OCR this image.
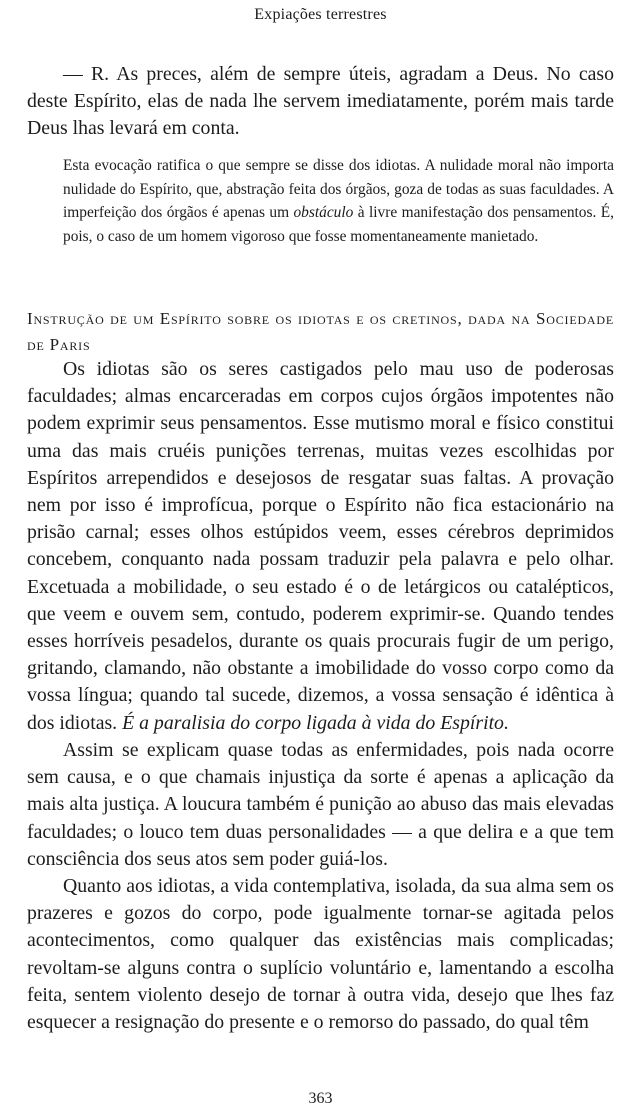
Expiações terrestres

— R. As preces, além de sempre úteis, agradam a Deus. No caso deste Espírito, elas de nada lhe servem imediatamente, porém mais tarde Deus lhas levará em conta.

Esta evocação ratifica o que sempre se disse dos idiotas. A nulidade moral não importa nulidade do Espírito, que, abstração feita dos órgãos, goza de todas as suas faculdades. A imperfeição dos órgãos é apenas um obstáculo à livre manifestação dos pensamentos. É, pois, o caso de um homem vigoroso que fosse momentaneamente manietado.

Instrução de um Espírito sobre os idiotas e os cretinos, dada na Sociedade de Paris

Os idiotas são os seres castigados pelo mau uso de poderosas faculdades; almas encarceradas em corpos cujos órgãos impotentes não podem exprimir seus pensamentos. Esse mutismo moral e físico constitui uma das mais cruéis punições terrenas, muitas vezes escolhidas por Espíritos arrependidos e desejosos de resgatar suas faltas. A provação nem por isso é improfícua, porque o Espírito não fica estacionário na prisão carnal; esses olhos estúpidos veem, esses cérebros deprimidos concebem, conquanto nada possam traduzir pela palavra e pelo olhar. Excetuada a mobilidade, o seu estado é o de letárgicos ou catalépticos, que veem e ouvem sem, contudo, poderem exprimir-se. Quando tendes esses horríveis pesadelos, durante os quais procurais fugir de um perigo, gritando, clamando, não obstante a imobilidade do vosso corpo como da vossa língua; quando tal sucede, dizemos, a vossa sensação é idêntica à dos idiotas. É a paralisia do corpo ligada à vida do Espírito.

Assim se explicam quase todas as enfermidades, pois nada ocorre sem causa, e o que chamais injustiça da sorte é apenas a aplicação da mais alta justiça. A loucura também é punição ao abuso das mais elevadas faculdades; o louco tem duas personalidades — a que delira e a que tem consciência dos seus atos sem poder guiá-los.

Quanto aos idiotas, a vida contemplativa, isolada, da sua alma sem os prazeres e gozos do corpo, pode igualmente tornar-se agitada pelos acontecimentos, como qualquer das existências mais complicadas; revoltam-se alguns contra o suplício voluntário e, lamentando a escolha feita, sentem violento desejo de tornar à outra vida, desejo que lhes faz esquecer a resignação do presente e o remorso do passado, do qual têm

363
